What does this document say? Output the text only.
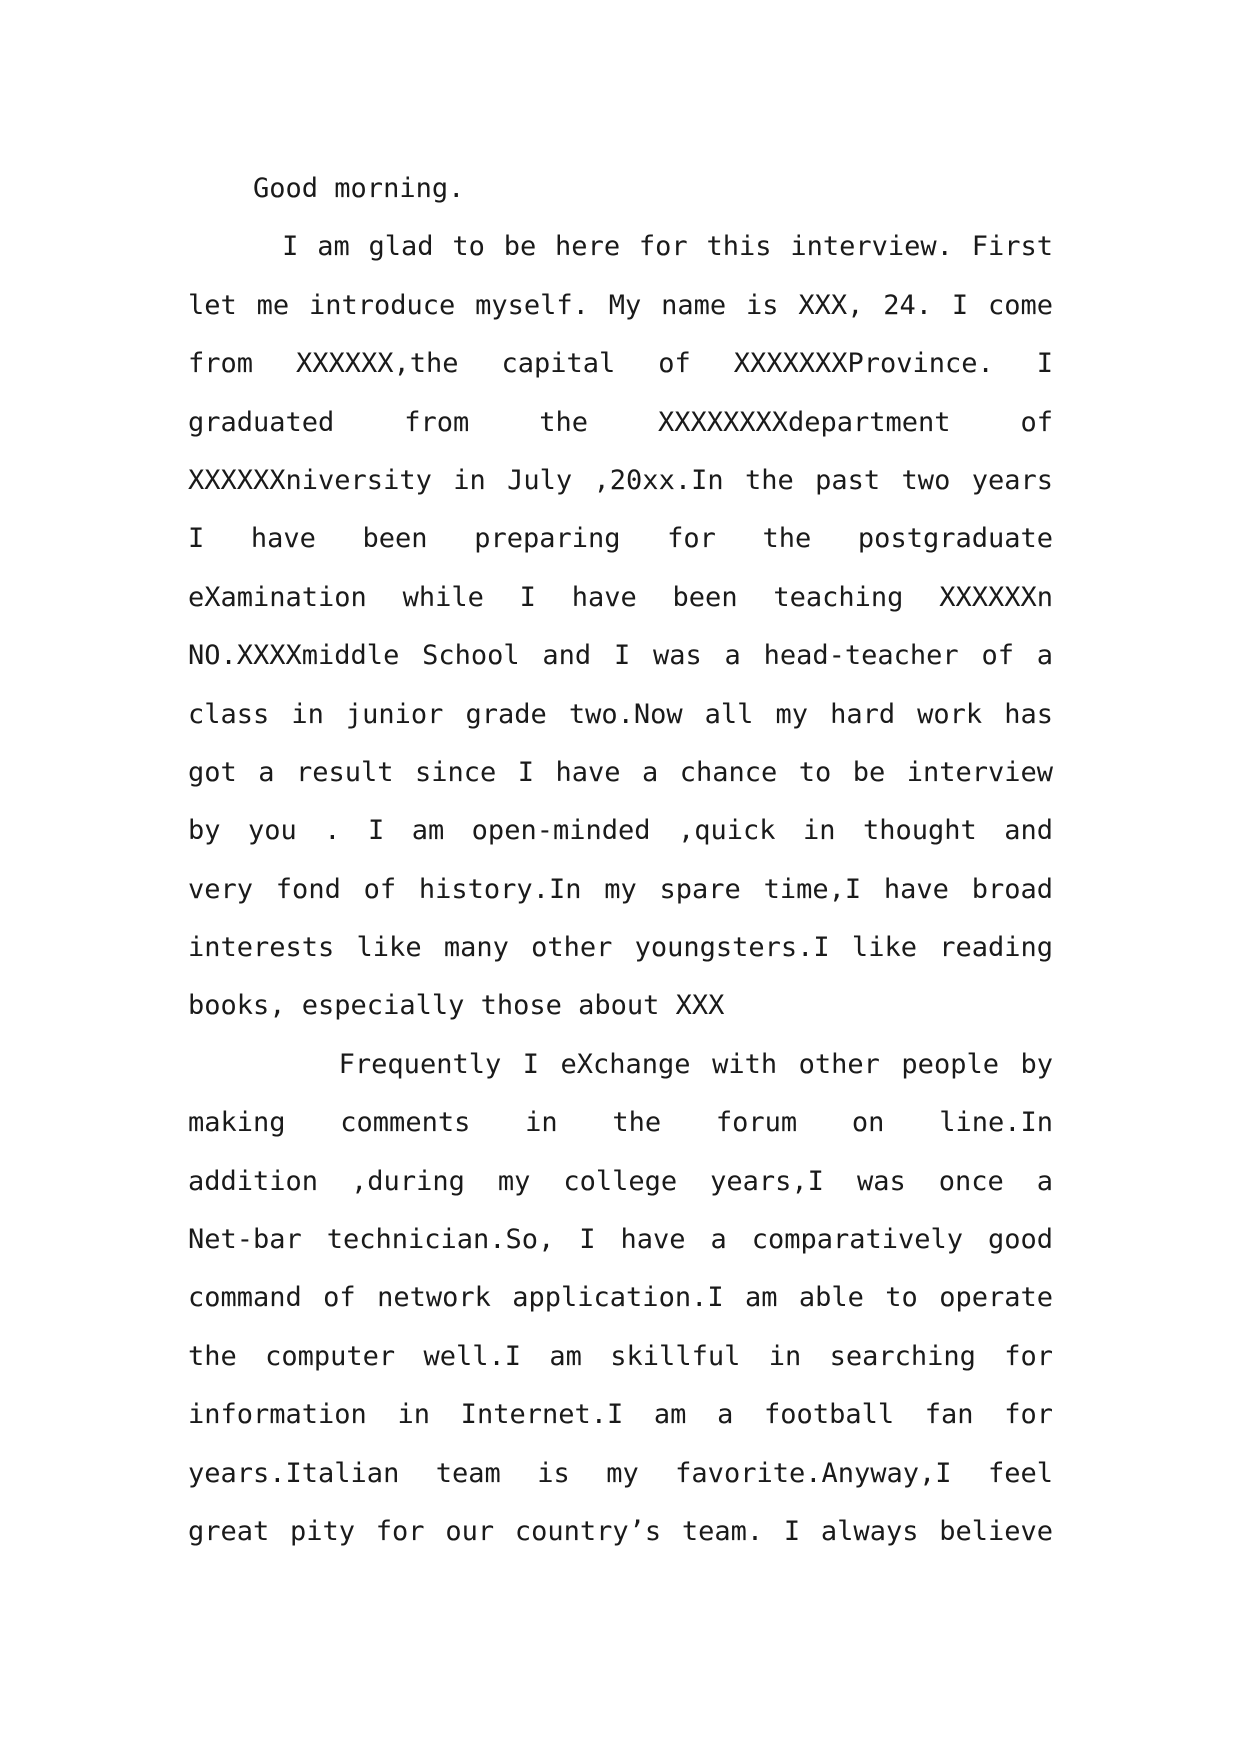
Good morning.
I am glad to be here for this interview. First
let me introduce myself. My name is XXX, 24. I come
from XXXXXX,the capital of XXXXXXXProvince. I
graduated from the XXXXXXXXdepartment of
XXXXXXniversity in July ,20xx.In the past two years
I have been preparing for the postgraduate
eXamination while I have been teaching XXXXXXn
NO.XXXXmiddle School and I was a head-teacher of a
class in junior grade two.Now all my hard work has
got a result since I have a chance to be interview
by you . I am open-minded ,quick in thought and
very fond of history.In my spare time,I have broad
interests like many other youngsters.I like reading
books, especially those about XXX
Frequently I eXchange with other people by
making comments in the forum on line.In
addition ,during my college years,I was once a
Net-bar technician.So, I have a comparatively good
command of network application.I am able to operate
the computer well.I am skillful in searching for
information in Internet.I am a football fan for
years.Italian team is my favorite.Anyway,I feel
great pity for our country’s team. I always believe
